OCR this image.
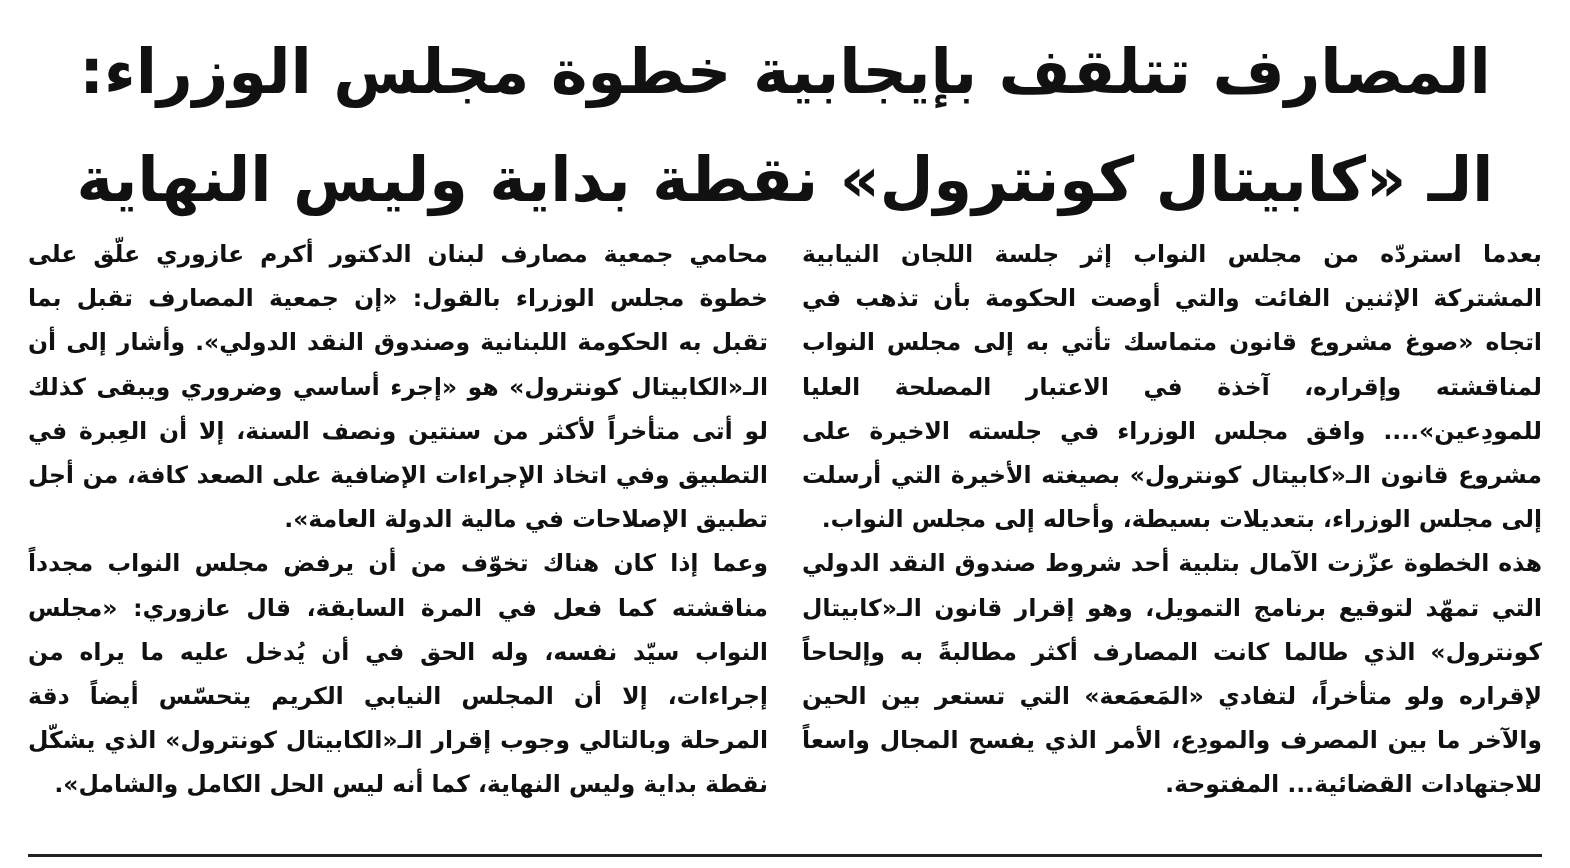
المصارف تتلقف بإيجابية خطوة مجلس الوزراء:
الـ «كابيتال كونترول» نقطة بداية وليس النهاية

بعدما استردّه من مجلس النواب إثر جلسة اللجان النيابية المشتركة الإثنين الفائت والتي أوصت الحكومة بأن تذهب في اتجاه «صوغ مشروع قانون متماسك تأتي به إلى مجلس النواب لمناقشته وإقراره، آخذة في الاعتبار المصلحة العليا للمودِعين».... وافق مجلس الوزراء في جلسته الاخيرة على مشروع قانون الـ«كابيتال كونترول» بصيغته الأخيرة التي أرسلت إلى مجلس الوزراء، بتعديلات بسيطة، وأحاله إلى مجلس النواب.

هذه الخطوة عزّزت الآمال بتلبية أحد شروط صندوق النقد الدولي التي تمهّد لتوقيع برنامج التمويل، وهو إقرار قانون الـ«كابيتال كونترول» الذي طالما كانت المصارف أكثر مطالبةً به وإلحاحاً لإقراره ولو متأخراً، لتفادي «المَعمَعة» التي تستعر بين الحين والآخر ما بين المصرف والمودِع، الأمر الذي يفسح المجال واسعاً للاجتهادات القضائية... المفتوحة.

محامي جمعية مصارف لبنان الدكتور أكرم عازوري علّق على خطوة مجلس الوزراء بالقول: «إن جمعية المصارف تقبل بما تقبل به الحكومة اللبنانية وصندوق النقد الدولي». وأشار إلى أن الـ«الكابيتال كونترول» هو «إجرء أساسي وضروري ويبقى كذلك لو أتى متأخراً لأكثر من سنتين ونصف السنة، إلا أن العِبرة في التطبيق وفي اتخاذ الإجراءات الإضافية على الصعد كافة، من أجل تطبيق الإصلاحات في مالية الدولة العامة».

وعما إذا كان هناك تخوّف من أن يرفض مجلس النواب مجدداً مناقشته كما فعل في المرة السابقة، قال عازوري: «مجلس النواب سيّد نفسه، وله الحق في أن يُدخل عليه ما يراه من إجراءات، إلا أن المجلس النيابي الكريم يتحسّس أيضاً دقة المرحلة وبالتالي وجوب إقرار الـ«الكابيتال كونترول» الذي يشكّل نقطة بداية وليس النهاية، كما أنه ليس الحل الكامل والشامل».
